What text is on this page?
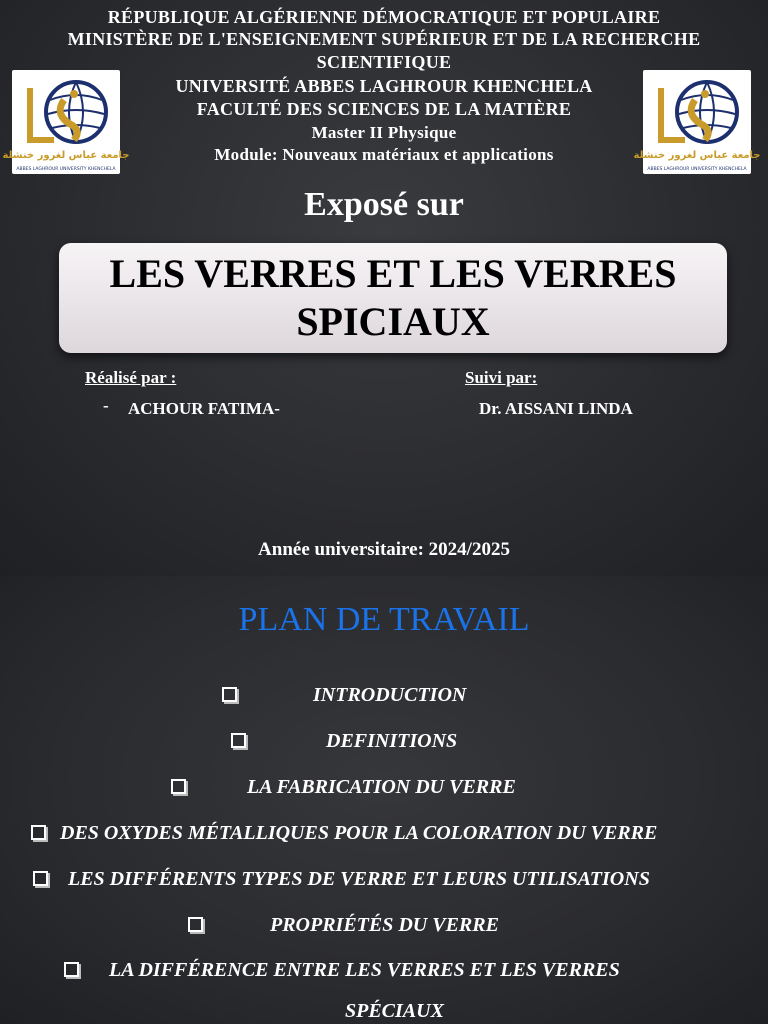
RÉPUBLIQUE ALGÉRIENNE DÉMOCRATIQUE ET POPULAIRE
MINISTÈRE DE L'ENSEIGNEMENT SUPÉRIEUR ET DE LA RECHERCHE
SCIENTIFIQUE
UNIVERSITÉ ABBES LAGHROUR KHENCHELA
FACULTÉ DES SCIENCES DE LA MATIÈRE
Master II Physique
Module: Nouveaux matériaux et applications
جامعة عباس لغرور خنشلة
ABBES LAGHROUR UNIVERSITY KHENCHELA
جامعة عباس لغرور خنشلة
ABBES LAGHROUR UNIVERSITY KHENCHELA
Exposé sur
LES VERRES ET LES VERRES
SPICIAUX
Réalisé par :
- ACHOUR FATIMA-
Suivi par:
Dr. AISSANI LINDA
Année universitaire: 2024/2025
PLAN DE TRAVAIL
INTRODUCTION
DEFINITIONS
LA FABRICATION DU VERRE
DES OXYDES MÉTALLIQUES POUR LA COLORATION DU VERRE
LES DIFFÉRENTS TYPES DE VERRE ET LEURS UTILISATIONS
PROPRIÉTÉS DU VERRE
LA DIFFÉRENCE ENTRE LES VERRES ET LES VERRES
SPÉCIAUX
